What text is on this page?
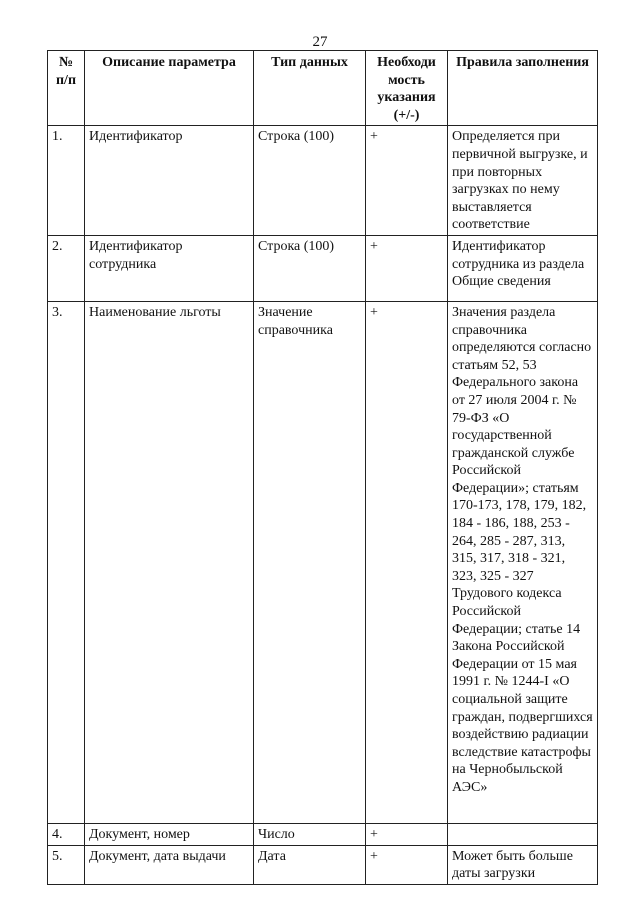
27
№ п/п	Описание параметра	Тип данных	Необходи мость указания (+/-)	Правила заполнения
1.	Идентификатор	Строка (100)	+	Определяется при первичной выгрузке, и при повторных загрузках по нему выставляется соответствие
2.	Идентификатор сотрудника	Строка (100)	+	Идентификатор сотрудника из раздела Общие сведения
3.	Наименование льготы	Значение справочника	+	Значения раздела справочника определяются согласно статьям 52, 53 Федерального закона от 27 июля 2004 г. № 79-ФЗ «О государственной гражданской службе Российской Федерации»; статьям 170-173, 178, 179, 182, 184 - 186, 188, 253 - 264, 285 - 287, 313, 315, 317, 318 - 321, 323, 325 - 327 Трудового кодекса Российской Федерации; статье 14 Закона Российской Федерации от 15 мая 1991 г. № 1244-I «О социальной защите граждан, подвергшихся воздействию радиации вследствие катастрофы на Чернобыльской АЭС»
4.	Документ, номер	Число	+	
5.	Документ, дата выдачи	Дата	+	Может быть больше даты загрузки
